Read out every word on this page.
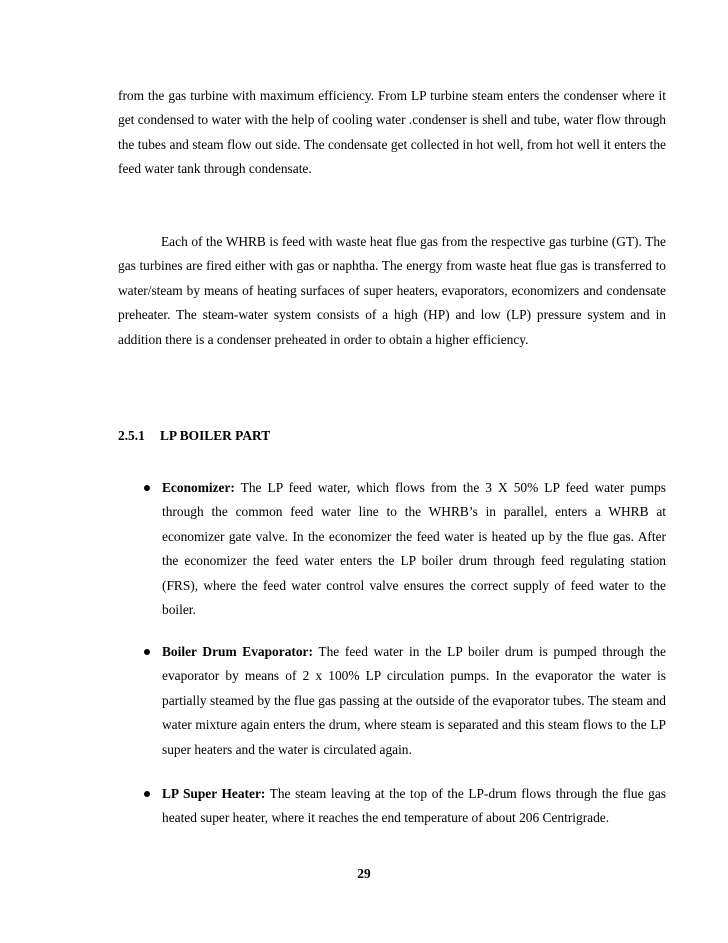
from the gas turbine with maximum efficiency. From LP turbine steam enters the condenser where it get condensed to water with the help of cooling water .condenser is shell and tube, water flow through the tubes and steam flow out side. The condensate get collected in hot well, from hot well it enters the feed water tank through condensate.

Each of the WHRB is feed with waste heat flue gas from the respective gas turbine (GT). The gas turbines are fired either with gas or naphtha. The energy from waste heat flue gas is transferred to water/steam by means of heating surfaces of super heaters, evaporators, economizers and condensate preheater. The steam-water system consists of a high (HP) and low (LP) pressure system and in addition there is a condenser preheated in order to obtain a higher efficiency.

2.5.1 LP BOILER PART
Economizer: The LP feed water, which flows from the 3 X 50% LP feed water pumps through the common feed water line to the WHRB’s in parallel, enters a WHRB at economizer gate valve. In the economizer the feed water is heated up by the flue gas. After the economizer the feed water enters the LP boiler drum through feed regulating station (FRS), where the feed water control valve ensures the correct supply of feed water to the boiler.
Boiler Drum Evaporator: The feed water in the LP boiler drum is pumped through the evaporator by means of 2 x 100% LP circulation pumps. In the evaporator the water is partially steamed by the flue gas passing at the outside of the evaporator tubes. The steam and water mixture again enters the drum, where steam is separated and this steam flows to the LP super heaters and the water is circulated again.
LP Super Heater: The steam leaving at the top of the LP-drum flows through the flue gas heated super heater, where it reaches the end temperature of about 206 Centrigrade.
29
